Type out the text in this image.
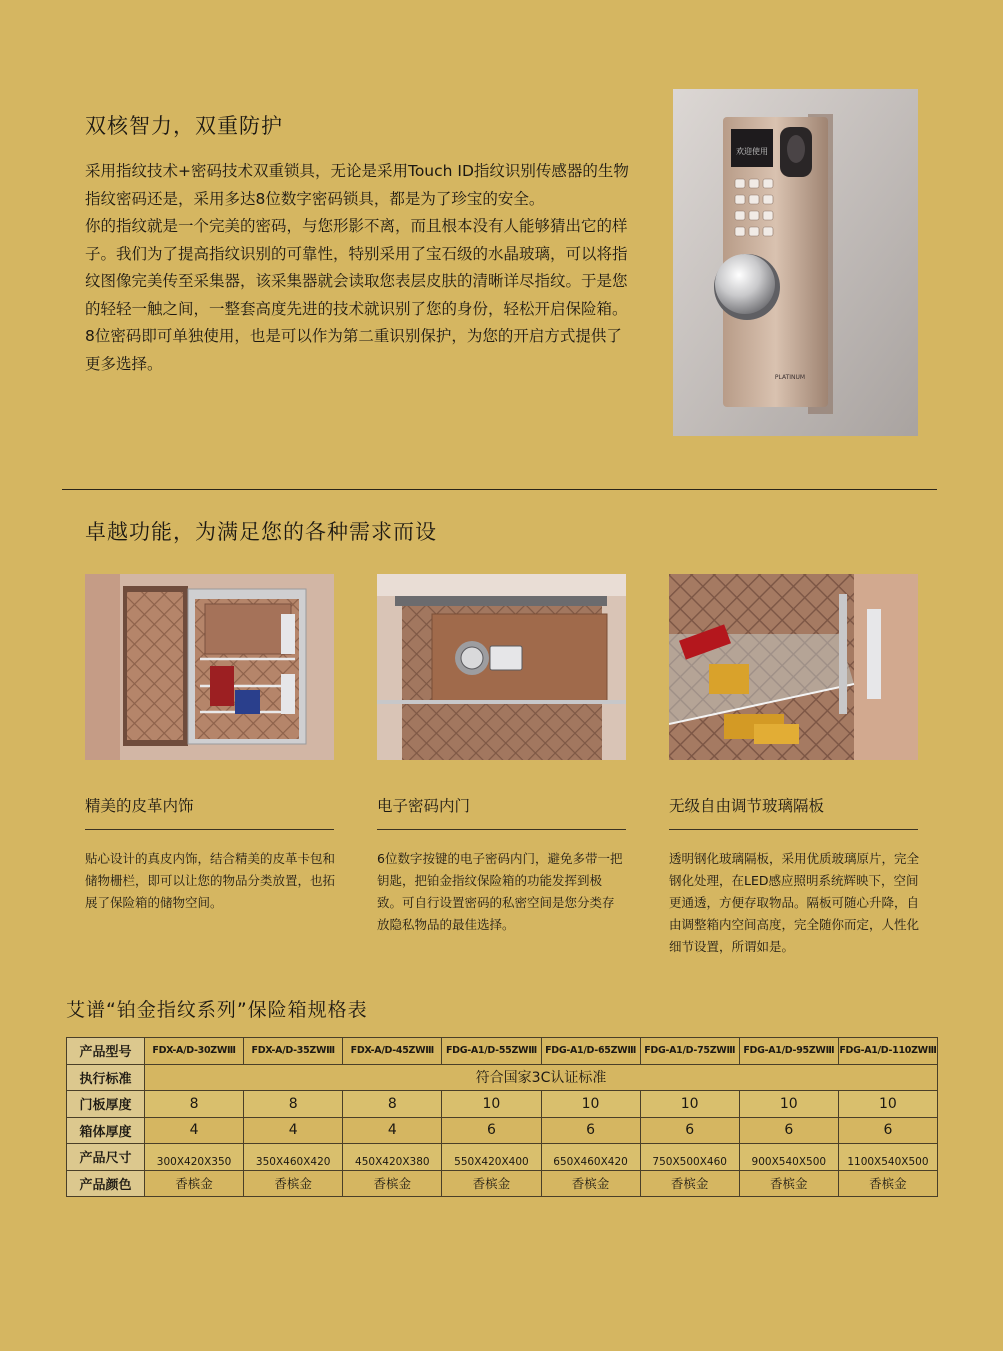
双核智力，双重防护

采用指纹技术+密码技术双重锁具，无论是采用Touch ID指纹识别传感器的生物指纹密码还是，采用多达8位数字密码锁具，都是为了珍宝的安全。

你的指纹就是一个完美的密码，与您形影不离，而且根本没有人能够猜出它的样子。我们为了提高指纹识别的可靠性，特别采用了宝石级的水晶玻璃，可以将指纹图像完美传至采集器，该采集器就会读取您表层皮肤的清晰详尽指纹。于是您的轻轻一触之间，一整套高度先进的技术就识别了您的身份，轻松开启保险箱。

8位密码即可单独使用，也是可以作为第二重识别保护，为您的开启方式提供了更多选择。

欢迎使用
PLATINUM
卓越功能，为满足您的各种需求而设
精美的皮革内饰	电子密码内门	无级自由调节玻璃隔板
贴心设计的真皮内饰，结合精美的皮革卡包和储物栅栏，即可以让您的物品分类放置，也拓展了保险箱的储物空间。
6位数字按键的电子密码内门，避免多带一把钥匙，把铂金指纹保险箱的功能发挥到极致。可自行设置密码的私密空间是您分类存放隐私物品的最佳选择。
透明钢化玻璃隔板，采用优质玻璃原片，完全钢化处理，在LED感应照明系统辉映下，空间更通透，方便存取物品。隔板可随心升降，自由调整箱内空间高度，完全随你而定，人性化细节设置，所谓如是。
艾谱“铂金指纹系列”保险箱规格表
产品型号	FDX-A/D-30ZWⅢ	FDX-A/D-35ZWⅢ	FDX-A/D-45ZWⅢ	FDG-A1/D-55ZWⅢ	FDG-A1/D-65ZWⅢ	FDG-A1/D-75ZWⅢ	FDG-A1/D-95ZWⅢ	FDG-A1/D-110ZWⅢ
执行标准	符合国家3C认证标准							
门板厚度	8	8	8	10	10	10	10	10
箱体厚度	4	4	4	6	6	6	6	6
产品尺寸	300X420X350	350X460X420	450X420X380	550X420X400	650X460X420	750X500X460	900X540X500	1100X540X500
产品颜色	香槟金	香槟金	香槟金	香槟金	香槟金	香槟金	香槟金	香槟金
